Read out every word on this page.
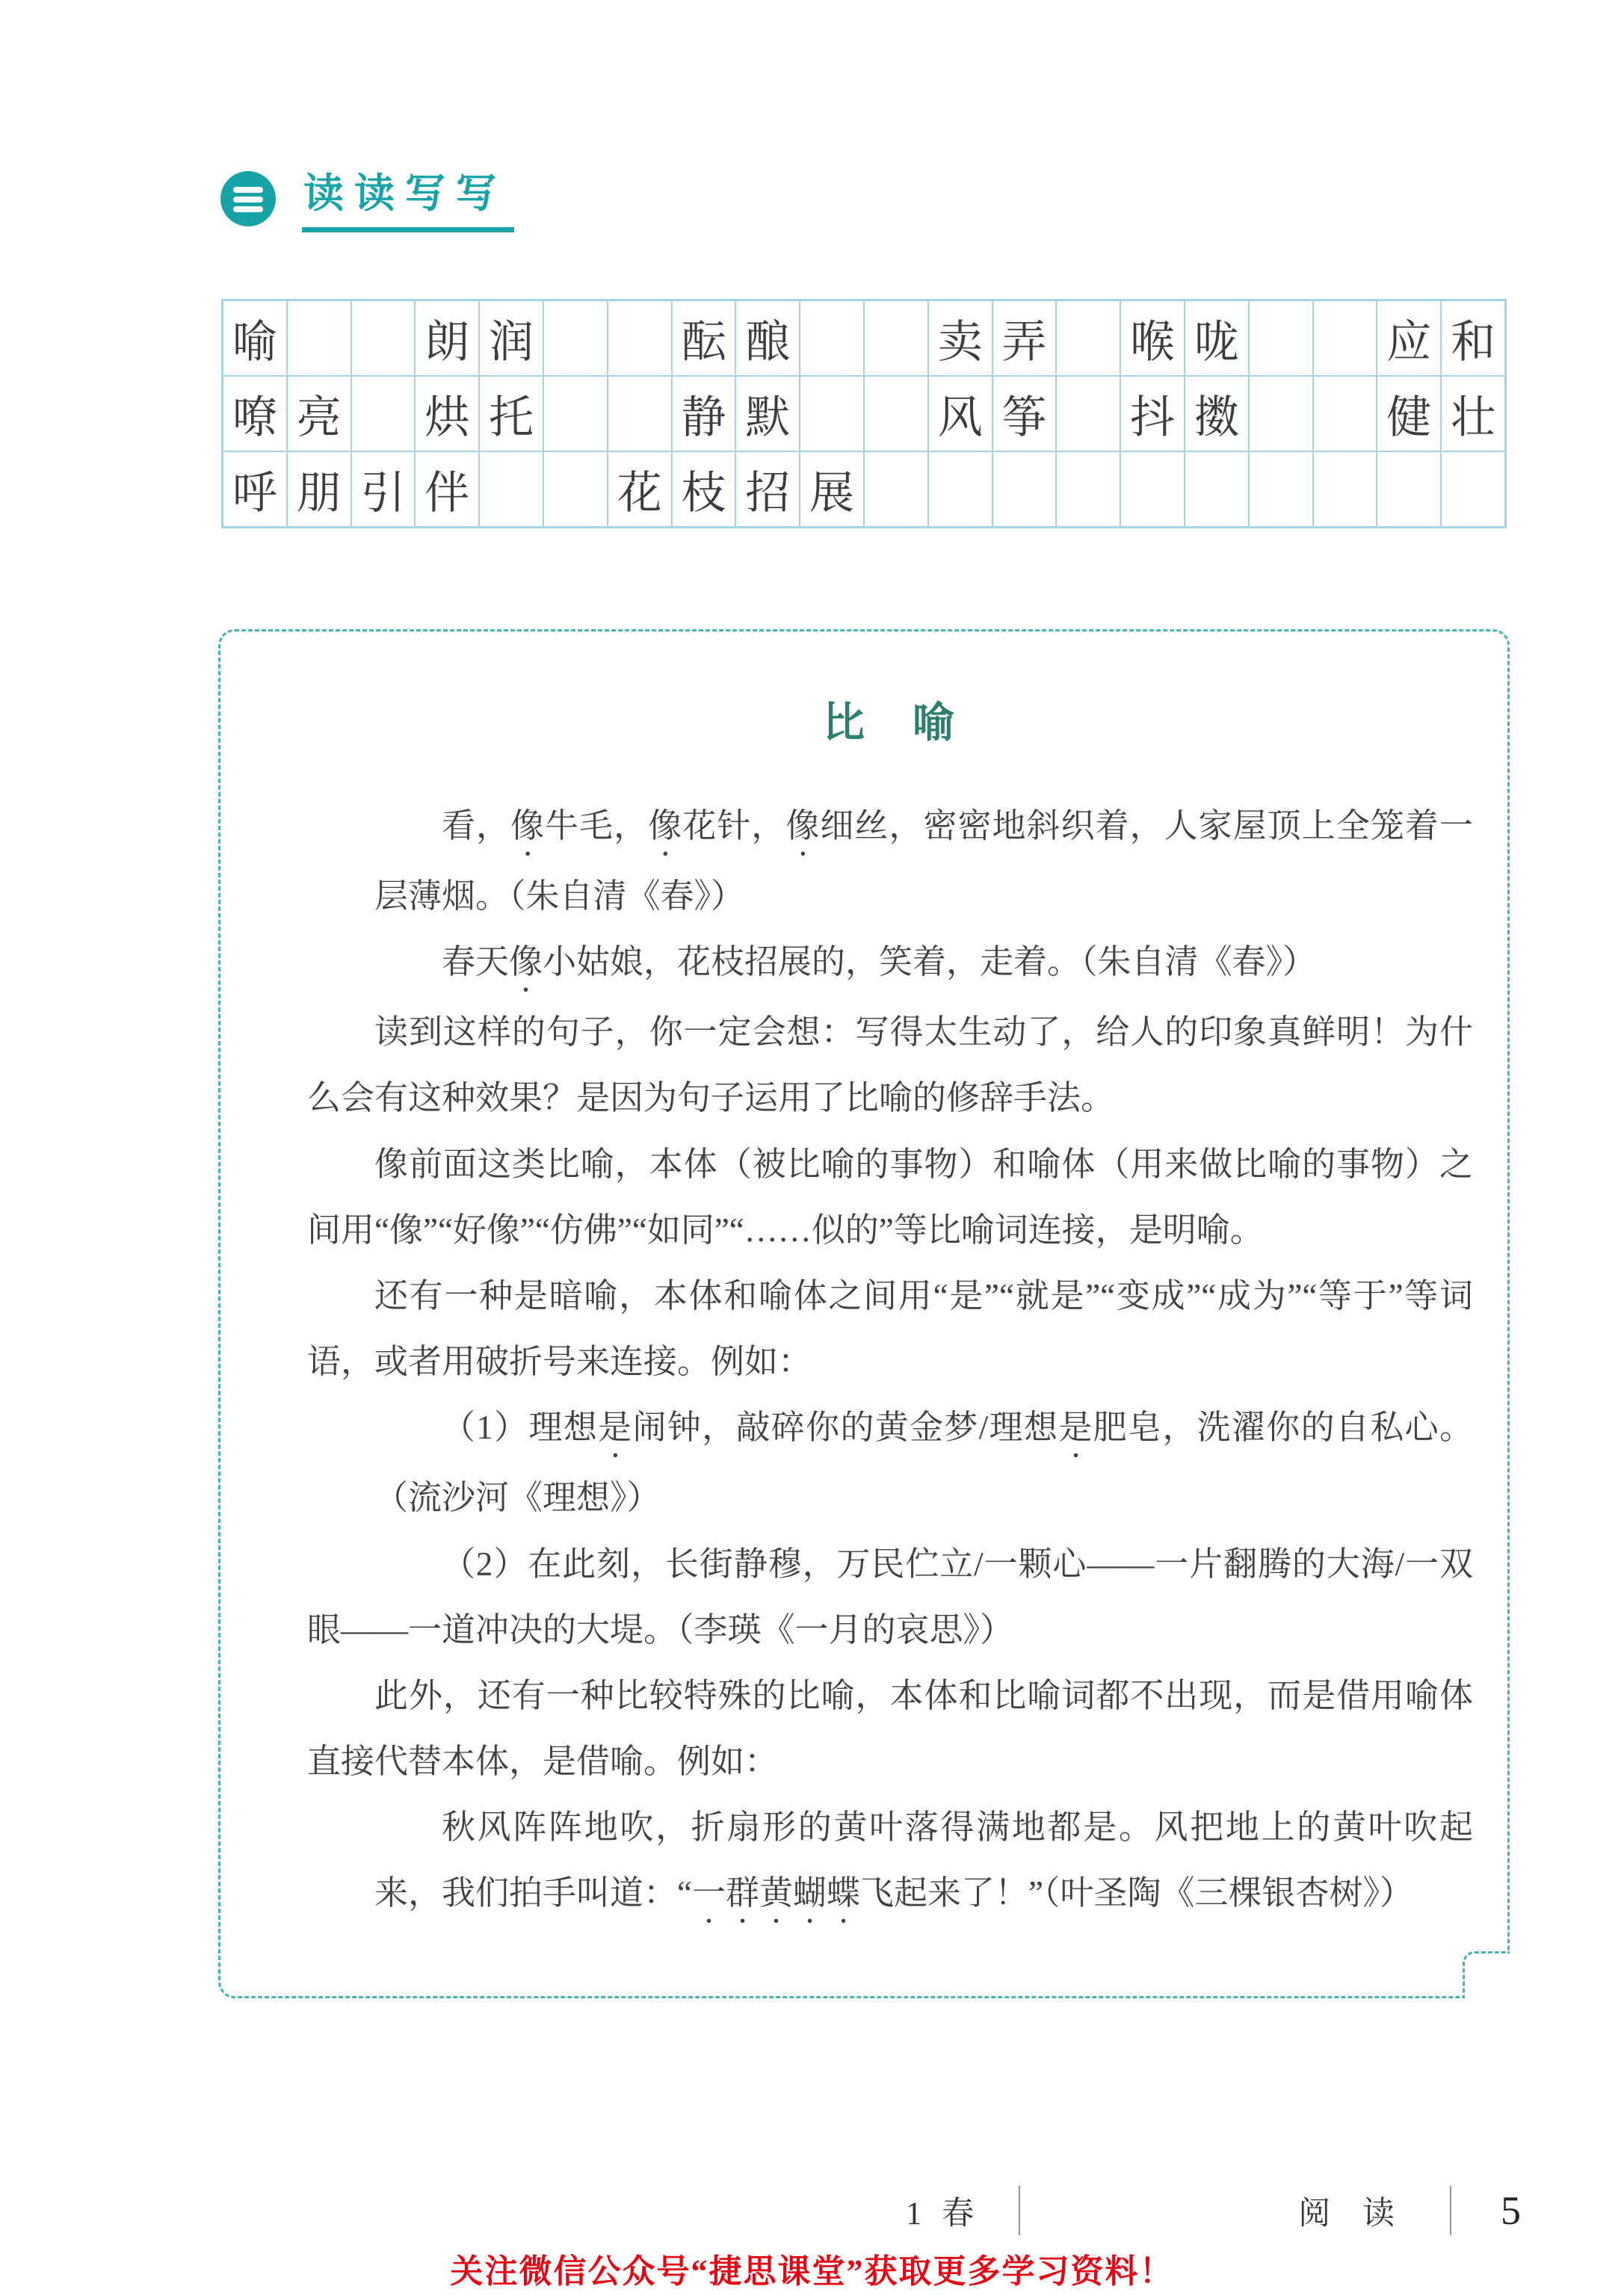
读读写写
喻	朗 润	酝 酿	卖 弄 喉 咙	应 和
嘹 亮 烘 托	静 默	风 筝 抖 擞	健 壮
呼 朋 引 伴	花 枝 招 展
比　喻

看，像牛毛，像花针，像细丝，密密地斜织着，人家屋顶上全笼着一层薄烟。（朱自清《春》）

春天像小姑娘，花枝招展的，笑着，走着。（朱自清《春》）

读到这样的句子，你一定会想：写得太生动了，给人的印象真鲜明！为什么会有这种效果？是因为句子运用了比喻的修辞手法。

像前面这类比喻，本体（被比喻的事物）和喻体（用来做比喻的事物）之间用“像”“好像”“仿佛”“如同”“……似的”等比喻词连接，是明喻。

还有一种是暗喻，本体和喻体之间用“是”“就是”“变成”“成为”“等于”等词语，或者用破折号来连接。例如：

（1）理想是闹钟，敲碎你的黄金梦/理想是肥皂，洗濯你的自私心。（流沙河《理想》）

（2）在此刻，长街静穆，万民伫立/一颗心——一片翻腾的大海/一双眼——一道冲决的大堤。（李瑛《一月的哀思》）

此外，还有一种比较特殊的比喻，本体和比喻词都不出现，而是借用喻体直接代替本体，是借喻。例如：

秋风阵阵地吹，折扇形的黄叶落得满地都是。风把地上的黄叶吹起来，我们拍手叫道：“一群黄蝴蝶飞起来了！”（叶圣陶《三棵银杏树》）

1 春	阅 读 5
关注微信公众号“捷思课堂”获取更多学习资料！
